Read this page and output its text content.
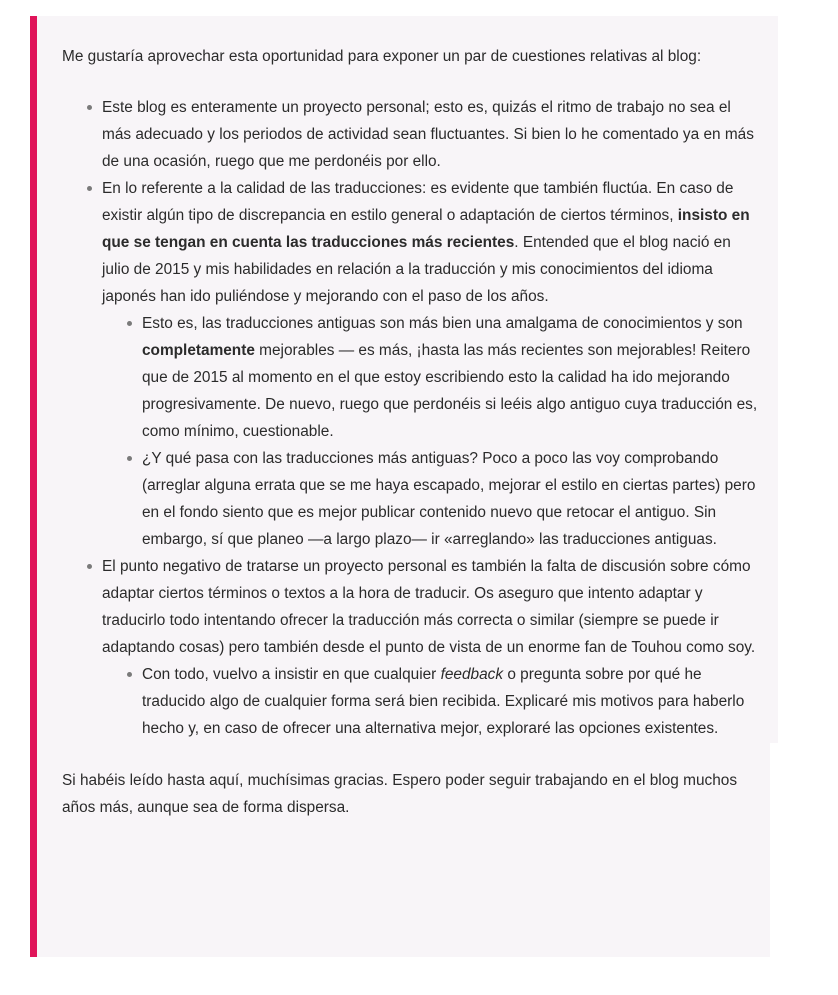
Me gustaría aprovechar esta oportunidad para exponer un par de cuestiones relativas al blog:

Este blog es enteramente un proyecto personal; esto es, quizás el ritmo de trabajo no sea el más adecuado y los periodos de actividad sean fluctuantes. Si bien lo he comentado ya en más de una ocasión, ruego que me perdonéis por ello.
En lo referente a la calidad de las traducciones: es evidente que también fluctúa. En caso de existir algún tipo de discrepancia en estilo general o adaptación de ciertos términos, insisto en que se tengan en cuenta las traducciones más recientes. Entended que el blog nació en julio de 2015 y mis habilidades en relación a la traducción y mis conocimientos del idioma japonés han ido puliéndose y mejorando con el paso de los años.
Esto es, las traducciones antiguas son más bien una amalgama de conocimientos y son completamente mejorables — es más, ¡hasta las más recientes son mejorables! Reitero que de 2015 al momento en el que estoy escribiendo esto la calidad ha ido mejorando progresivamente. De nuevo, ruego que perdonéis si leéis algo antiguo cuya traducción es, como mínimo, cuestionable.
¿Y qué pasa con las traducciones más antiguas? Poco a poco las voy comprobando (arreglar alguna errata que se me haya escapado, mejorar el estilo en ciertas partes) pero en el fondo siento que es mejor publicar contenido nuevo que retocar el antiguo. Sin embargo, sí que planeo —a largo plazo— ir «arreglando» las traducciones antiguas.
El punto negativo de tratarse un proyecto personal es también la falta de discusión sobre cómo adaptar ciertos términos o textos a la hora de traducir. Os aseguro que intento adaptar y traducirlo todo intentando ofrecer la traducción más correcta o similar (siempre se puede ir adaptando cosas) pero también desde el punto de vista de un enorme fan de Touhou como soy.
Con todo, vuelvo a insistir en que cualquier feedback o pregunta sobre por qué he traducido algo de cualquier forma será bien recibida. Explicaré mis motivos para haberlo hecho y, en caso de ofrecer una alternativa mejor, exploraré las opciones existentes.

Si habéis leído hasta aquí, muchísimas gracias. Espero poder seguir trabajando en el blog muchos años más, aunque sea de forma dispersa.
